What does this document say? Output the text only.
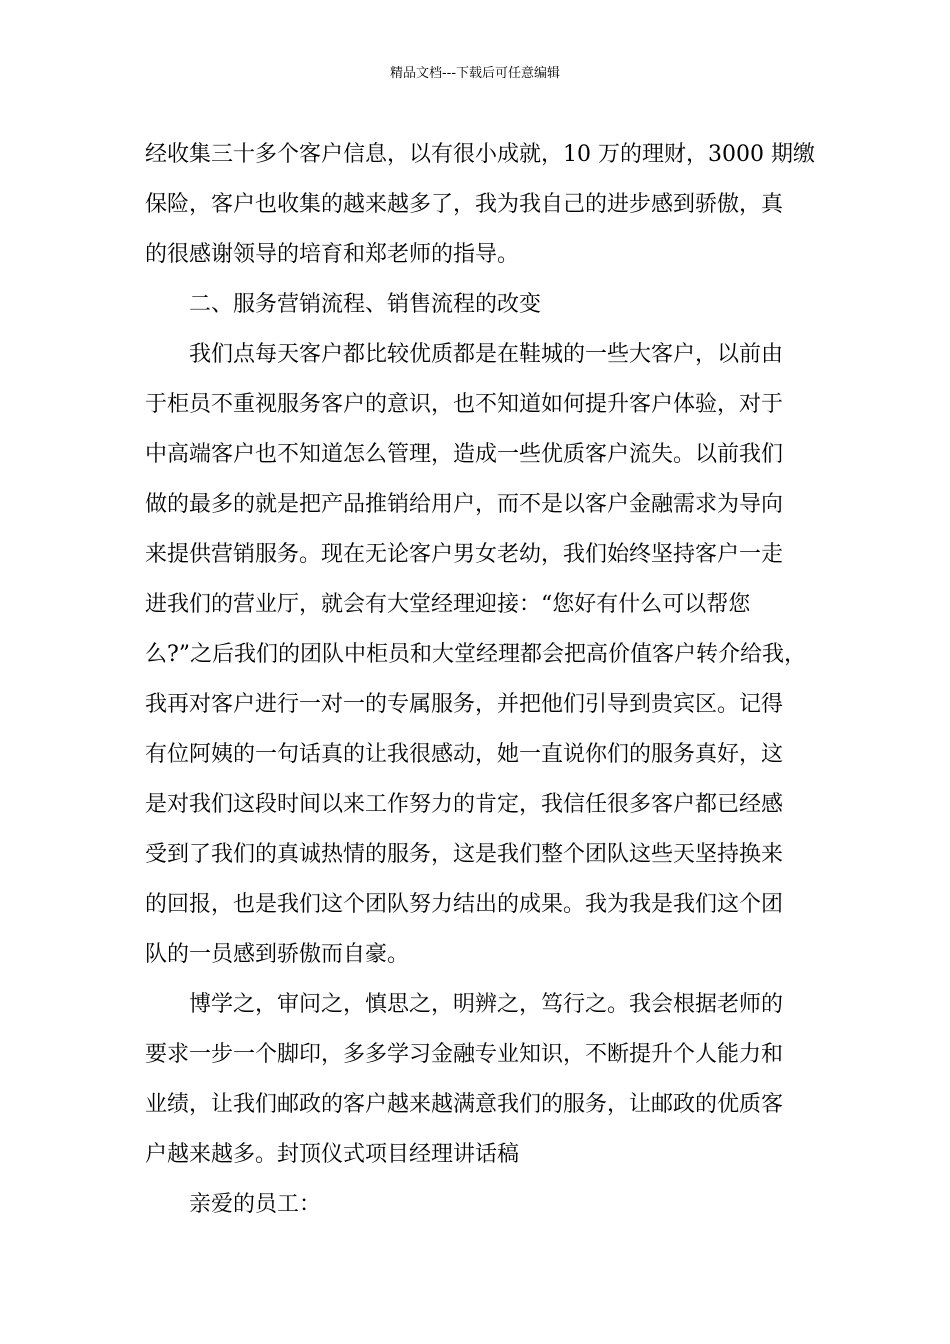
精品文档---下载后可任意编辑
经收集三十多个客户信息，以有很小成就，10 万的理财，3000 期缴
保险，客户也收集的越来越多了，我为我自己的进步感到骄傲，真
的很感谢领导的培育和郑老师的指导。
　　二、服务营销流程、销售流程的改变
　　我们点每天客户都比较优质都是在鞋城的一些大客户，以前由
于柜员不重视服务客户的意识，也不知道如何提升客户体验，对于
中高端客户也不知道怎么管理，造成一些优质客户流失。以前我们
做的最多的就是把产品推销给用户，而不是以客户金融需求为导向
来提供营销服务。现在无论客户男女老幼，我们始终坚持客户一走
进我们的营业厅，就会有大堂经理迎接：“您好有什么可以帮您
么?”之后我们的团队中柜员和大堂经理都会把高价值客户转介给我，
我再对客户进行一对一的专属服务，并把他们引导到贵宾区。记得
有位阿姨的一句话真的让我很感动，她一直说你们的服务真好，这
是对我们这段时间以来工作努力的肯定，我信任很多客户都已经感
受到了我们的真诚热情的服务，这是我们整个团队这些天坚持换来
的回报，也是我们这个团队努力结出的成果。我为我是我们这个团
队的一员感到骄傲而自豪。
　　博学之，审问之，慎思之，明辨之，笃行之。我会根据老师的
要求一步一个脚印，多多学习金融专业知识，不断提升个人能力和
业绩，让我们邮政的客户越来越满意我们的服务，让邮政的优质客
户越来越多。封顶仪式项目经理讲话稿
　　亲爱的员工：
